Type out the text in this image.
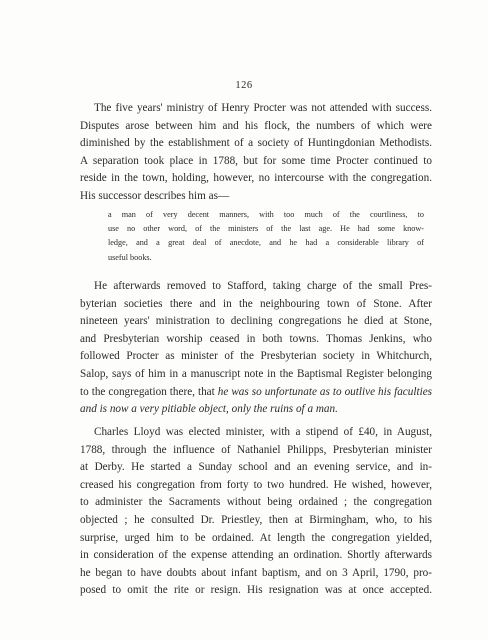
126
The five years' ministry of Henry Procter was not attended with success.
Disputes arose between him and his flock, the numbers of which were
diminished by the establishment of a society of Huntingdonian Methodists.
A separation took place in 1788, but for some time Procter continued to
reside in the town, holding, however, no intercourse with the congregation.
His successor describes him as—
a man of very decent manners, with too much of the courtliness, to
use no other word, of the ministers of the last age. He had some know-
ledge, and a great deal of anecdote, and he had a considerable library of
useful books.
He afterwards removed to Stafford, taking charge of the small Pres-
byterian societies there and in the neighbouring town of Stone. After
nineteen years' ministration to declining congregations he died at Stone,
and Presbyterian worship ceased in both towns. Thomas Jenkins, who
followed Procter as minister of the Presbyterian society in Whitchurch,
Salop, says of him in a manuscript note in the Baptismal Register belonging
to the congregation there, that he was so unfortunate as to outlive his faculties
and is now a very pitiable object, only the ruins of a man.
Charles Lloyd was elected minister, with a stipend of £40, in August,
1788, through the influence of Nathaniel Philipps, Presbyterian minister
at Derby. He started a Sunday school and an evening service, and in-
creased his congregation from forty to two hundred. He wished, however,
to administer the Sacraments without being ordained ; the congregation
objected ; he consulted Dr. Priestley, then at Birmingham, who, to his
surprise, urged him to be ordained. At length the congregation yielded,
in consideration of the expense attending an ordination. Shortly afterwards
he began to have doubts about infant baptism, and on 3 April, 1790, pro-
posed to omit the rite or resign. His resignation was at once accepted.
